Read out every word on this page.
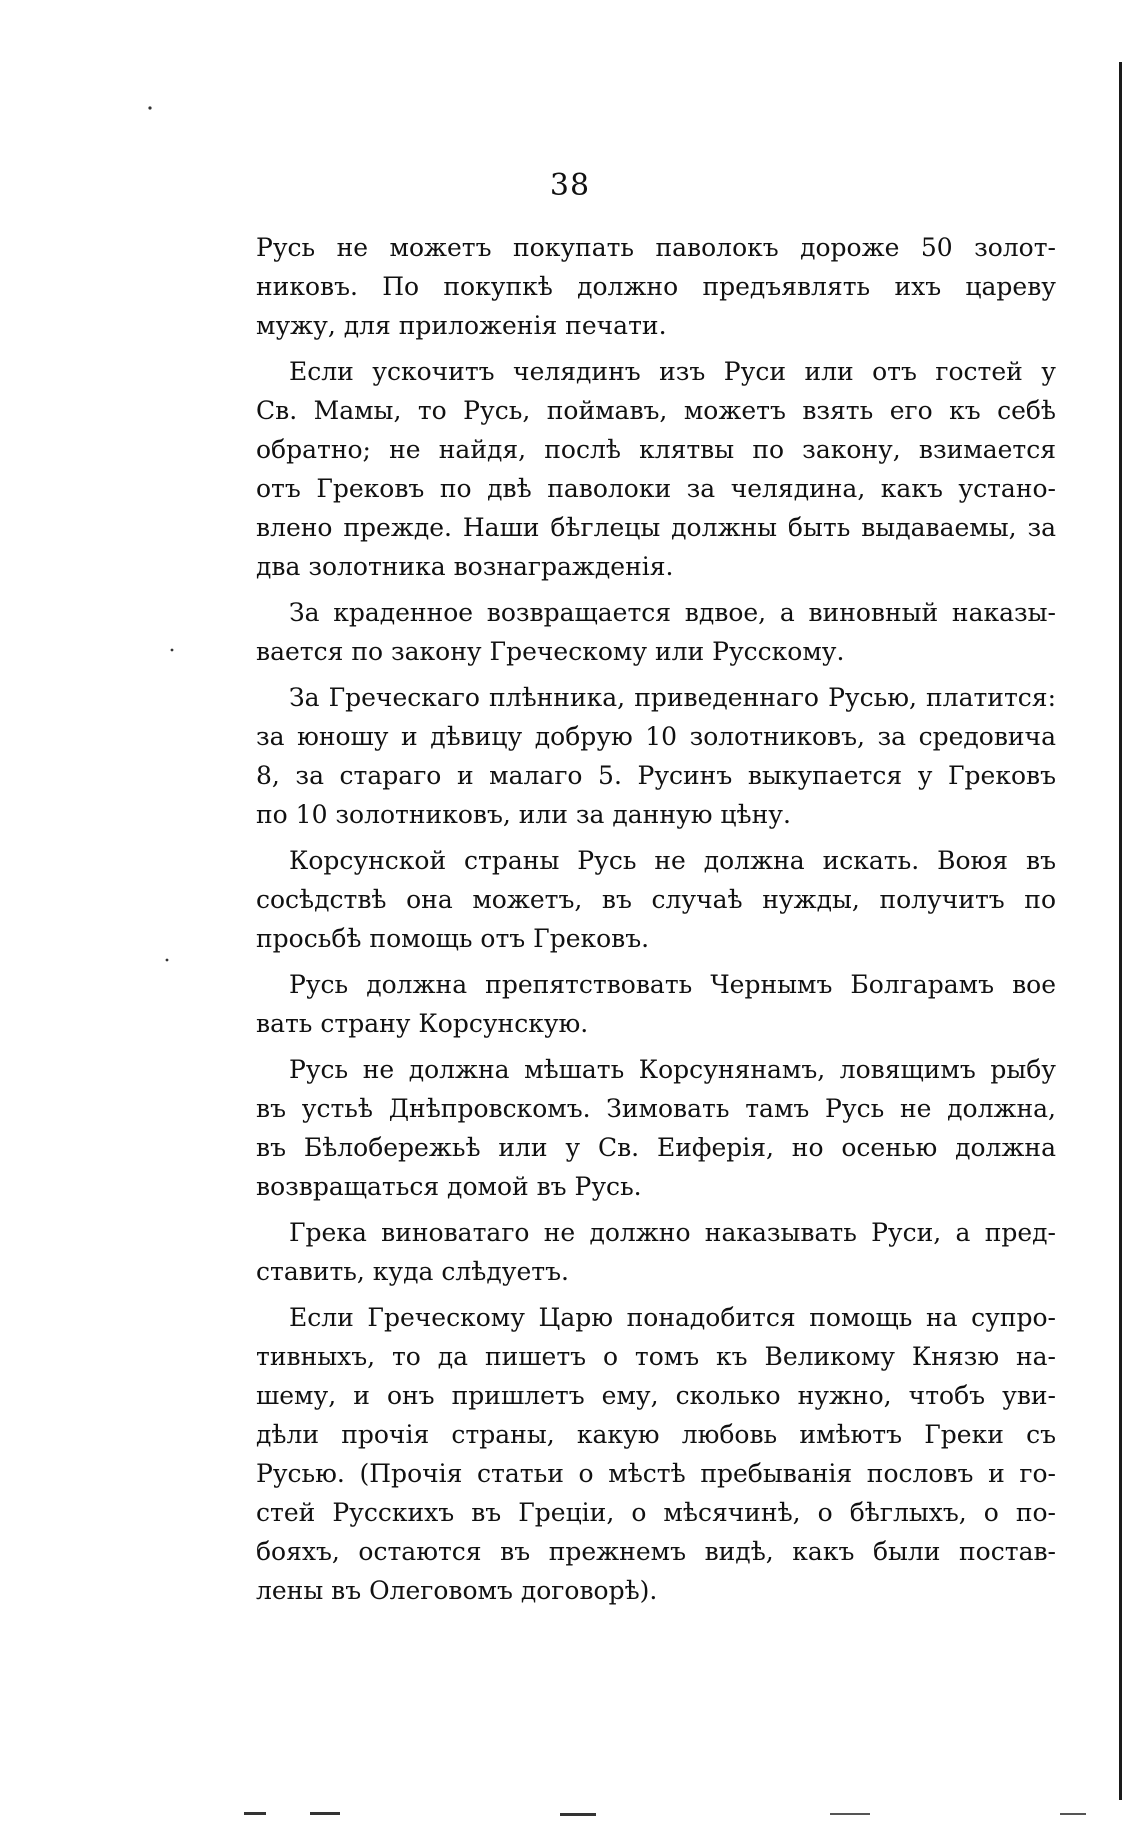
38
Русь не можетъ покупать паволокъ дороже 50 золот-
никовъ. По покупкѣ должно предъявлять ихъ цареву
мужу, для приложенія печати.
Если ускочитъ челядинъ изъ Руси или отъ гостей у
Св. Мамы, то Русь, поймавъ, можетъ взять его къ себѣ
обратно; не найдя, послѣ клятвы по закону, взимается
отъ Грековъ по двѣ паволоки за челядина, какъ устано-
влено прежде. Наши бѣглецы должны быть выдаваемы, за
два золотника вознагражденія.
За краденное возвращается вдвое, а виновный наказы-
вается по закону Греческому или Русскому.
За Греческаго плѣнника, приведеннаго Русью, платится:
за юношу и дѣвицу добрую 10 золотниковъ, за средовича
8, за стараго и малаго 5. Русинъ выкупается у Грековъ
по 10 золотниковъ, или за данную цѣну.
Корсунской страны Русь не должна искать. Воюя въ
сосѣдствѣ она можетъ, въ случаѣ нужды, получитъ по
просьбѣ помощь отъ Грековъ.
Русь должна препятствовать Чернымъ Болгарамъ вое
вать страну Корсунскую.
Русь не должна мѣшать Корсунянамъ, ловящимъ рыбу
въ устьѣ Днѣпровскомъ. Зимовать тамъ Русь не должна,
въ Бѣлобережьѣ или у Св. Еиферія, но осенью должна
возвращаться домой въ Русь.
Грека виноватаго не должно наказывать Руси, а пред-
ставить, куда слѣдуетъ.
Если Греческому Царю понадобится помощь на супро-
тивныхъ, то да пишетъ о томъ къ Великому Князю на-
шему, и онъ пришлетъ ему, сколько нужно, чтобъ уви-
дѣли прочія страны, какую любовь имѣютъ Греки съ
Русью. (Прочія статьи о мѣстѣ пребыванія пословъ и го-
стей Русскихъ въ Греціи, о мѣсячинѣ, о бѣглыхъ, о по-
бояхъ, остаются въ прежнемъ видѣ, какъ были постав-
лены въ Олеговомъ договорѣ).
